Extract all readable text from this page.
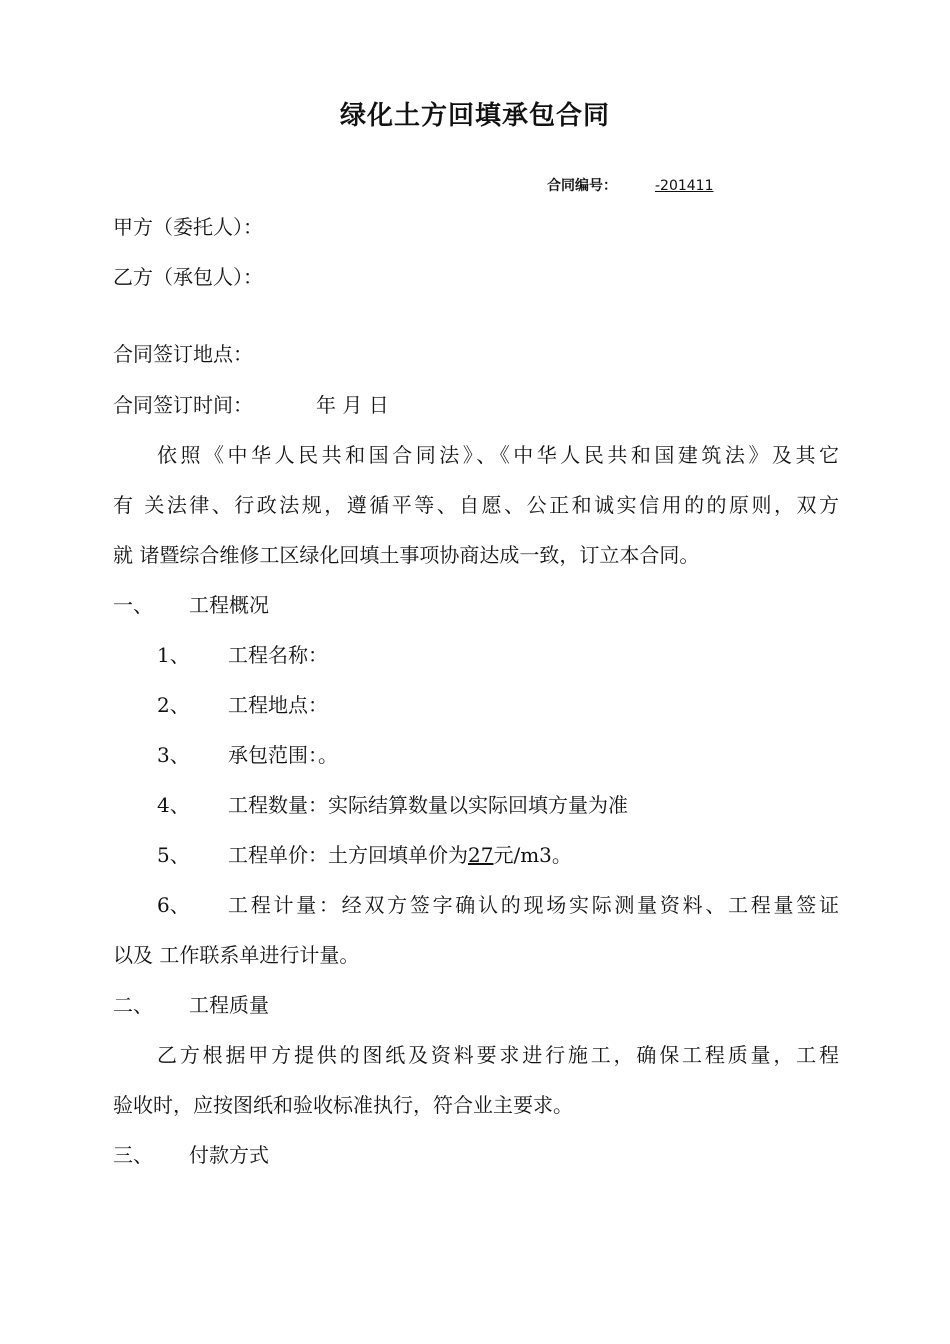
绿化土方回填承包合同
合同编号：	-201411
甲方（委托人）：
乙方（承包人）：
合同签订地点：
合同签订时间：	年 月 日
依照《中华人民共和国合同法》、《中华人民共和国建筑法》及其它
有 关法律、行政法规，遵循平等、自愿、公正和诚实信用的的原则，双方
就 诸暨综合维修工区绿化回填土事项协商达成一致，订立本合同。
一、 工程概况
1、	工程名称：
2、	工程地点：
3、	承包范围：。
4、	工程数量：实际结算数量以实际回填方量为准
5、	工程单价：土方回填单价为27元/m3。
6、	工程计量：经双方签字确认的现场实际测量资料、工程量签证
以及 工作联系单进行计量。
二、 工程质量
乙方根据甲方提供的图纸及资料要求进行施工，确保工程质量，工程
验收时，应按图纸和验收标准执行，符合业主要求。
三、 付款方式
